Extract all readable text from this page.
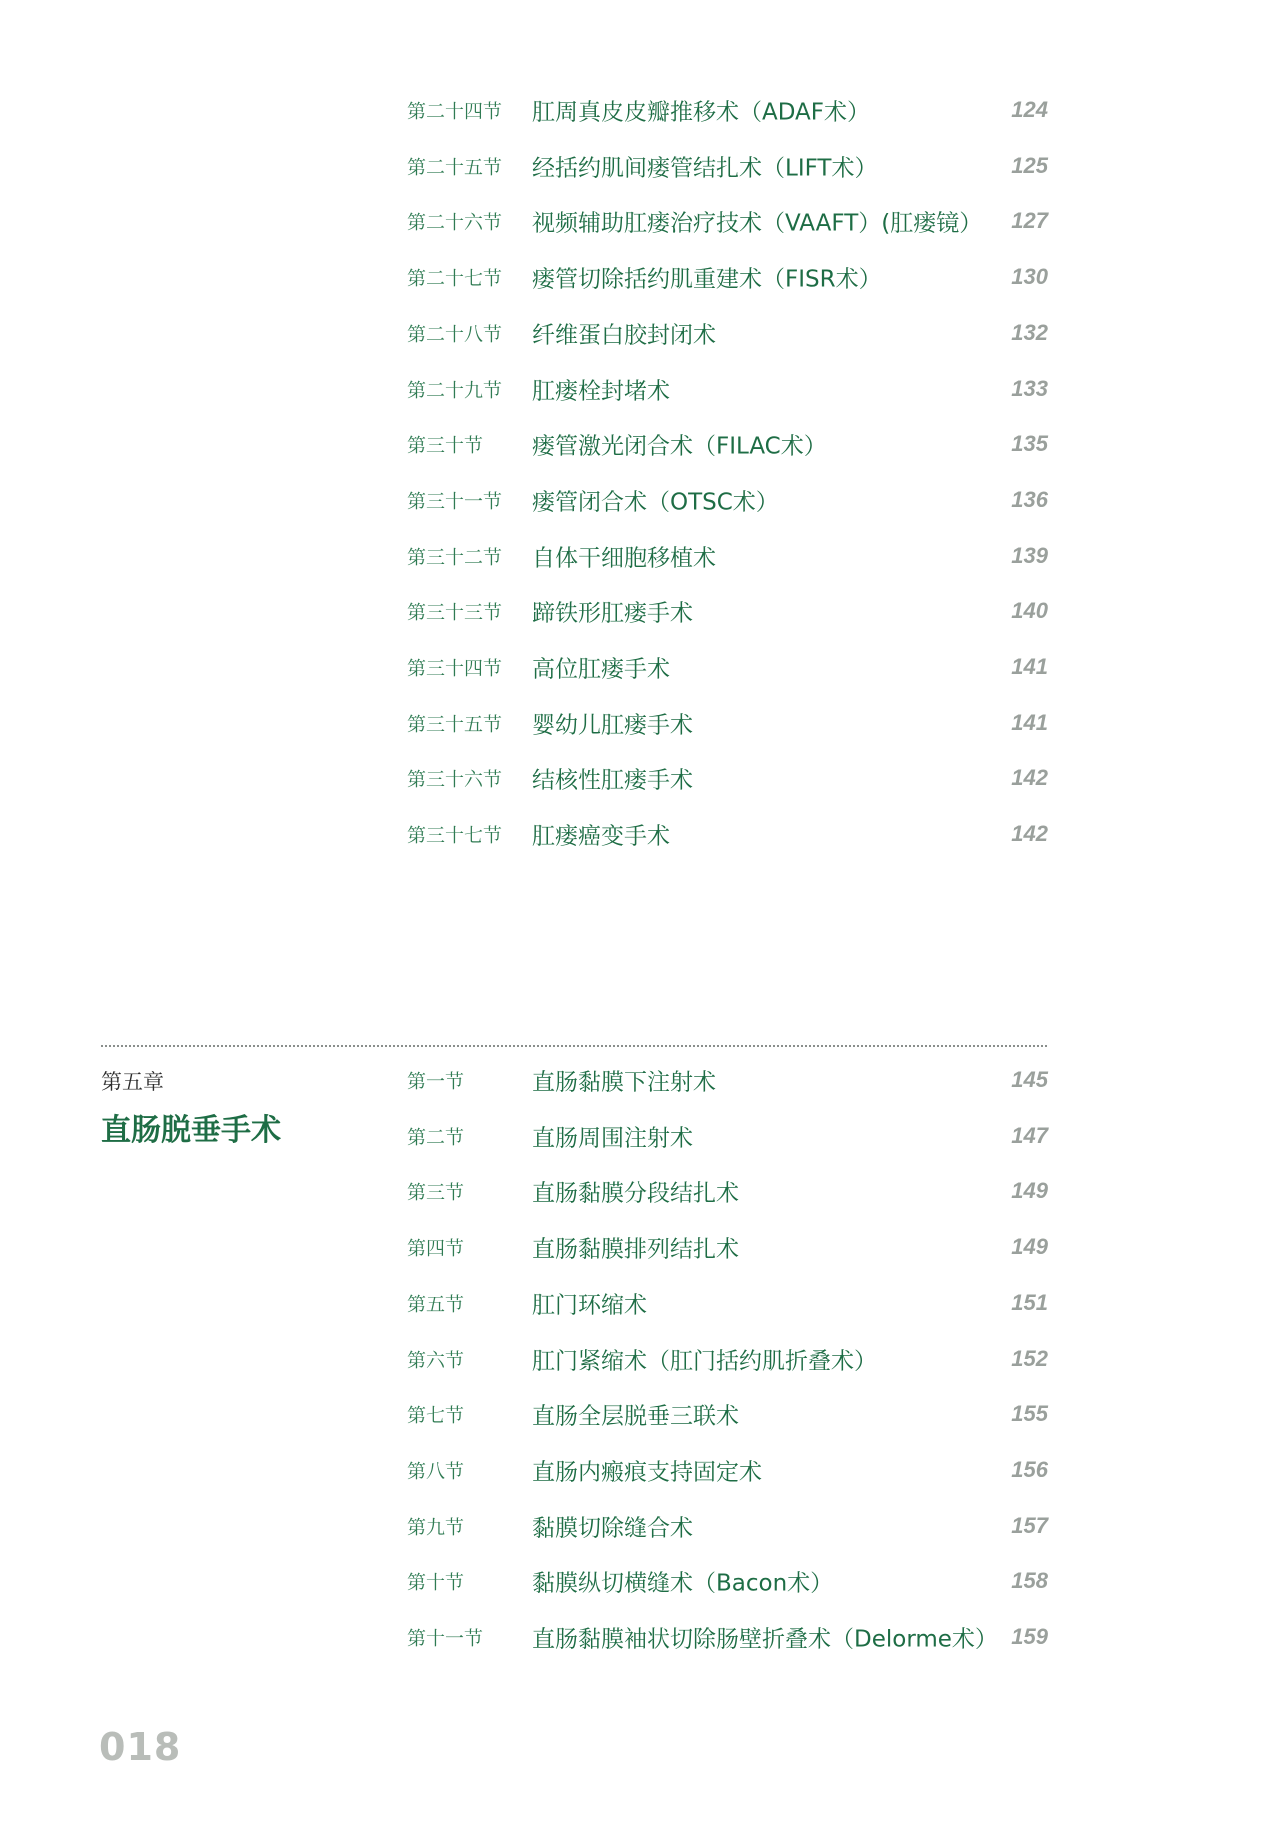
第二十四节 肛周真皮皮瓣推移术（ADAF术）	124
第二十五节 经括约肌间瘘管结扎术（LIFT术）	125
第二十六节 视频辅助肛瘘治疗技术（VAAFT）(肛瘘镜） 127
第二十七节 瘘管切除括约肌重建术（FISR术）	130
第二十八节 纤维蛋白胶封闭术	132
第二十九节 肛瘘栓封堵术	133
第三十节 瘘管激光闭合术（FILAC术）	135
第三十一节 瘘管闭合术（OTSC术）	136
第三十二节 自体干细胞移植术	139
第三十三节 蹄铁形肛瘘手术	140
第三十四节 高位肛瘘手术	141
第三十五节 婴幼儿肛瘘手术	141
第三十六节 结核性肛瘘手术	142
第三十七节 肛瘘癌变手术	142
第五章
直肠脱垂手术
第一节	直肠黏膜下注射术	145
第二节	直肠周围注射术	147
第三节	直肠黏膜分段结扎术	149
第四节	直肠黏膜排列结扎术	149
第五节	肛门环缩术	151
第六节	肛门紧缩术（肛门括约肌折叠术）	152
第七节	直肠全层脱垂三联术	155
第八节	直肠内瘢痕支持固定术	156
第九节	黏膜切除缝合术	157
第十节	黏膜纵切横缝术（Bacon术）	158
第十一节 直肠黏膜袖状切除肠壁折叠术（Delorme术） 159
018
